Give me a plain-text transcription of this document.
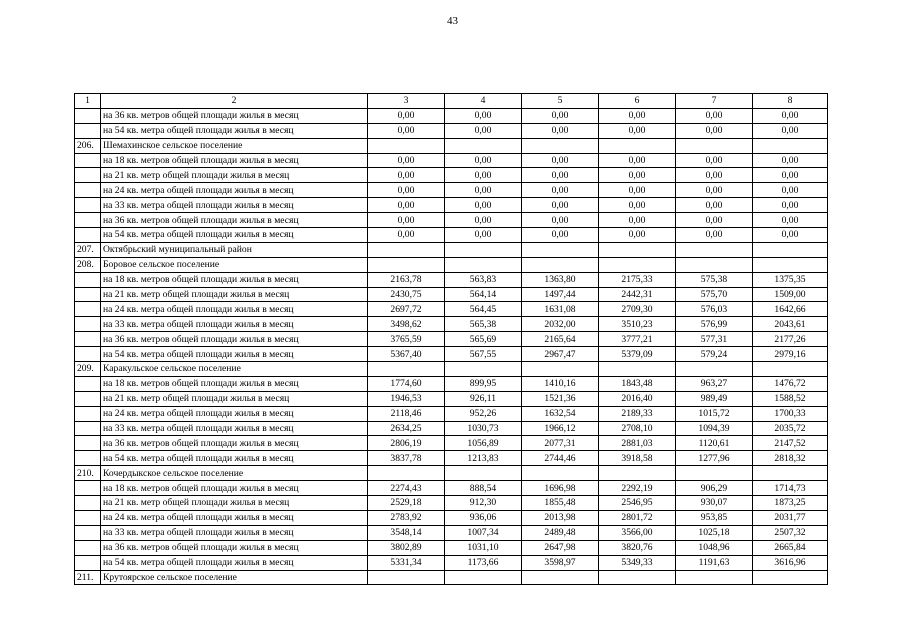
43
1	2	3	4	5	6	7	8
	на 36 кв. метров общей площади жилья в месяц	0,00	0,00	0,00	0,00	0,00	0,00
	на 54 кв. метра общей площади жилья в месяц	0,00	0,00	0,00	0,00	0,00	0,00
206.	Шемахинское сельское поселение						
	на 18 кв. метров общей площади жилья в месяц	0,00	0,00	0,00	0,00	0,00	0,00
	на 21 кв. метр общей площади жилья в месяц	0,00	0,00	0,00	0,00	0,00	0,00
	на 24 кв. метра общей площади жилья в месяц	0,00	0,00	0,00	0,00	0,00	0,00
	на 33 кв. метра общей площади жилья в месяц	0,00	0,00	0,00	0,00	0,00	0,00
	на 36 кв. метров общей площади жилья в месяц	0,00	0,00	0,00	0,00	0,00	0,00
	на 54 кв. метра общей площади жилья в месяц	0,00	0,00	0,00	0,00	0,00	0,00
207.	Октябрьский муниципальный район						
208.	Боровое сельское поселение						
	на 18 кв. метров общей площади жилья в месяц	2163,78	563,83	1363,80	2175,33	575,38	1375,35
	на 21 кв. метр общей площади жилья в месяц	2430,75	564,14	1497,44	2442,31	575,70	1509,00
	на 24 кв. метра общей площади жилья в месяц	2697,72	564,45	1631,08	2709,30	576,03	1642,66
	на 33 кв. метра общей площади жилья в месяц	3498,62	565,38	2032,00	3510,23	576,99	2043,61
	на 36 кв. метров общей площади жилья в месяц	3765,59	565,69	2165,64	3777,21	577,31	2177,26
	на 54 кв. метра общей площади жилья в месяц	5367,40	567,55	2967,47	5379,09	579,24	2979,16
209.	Каракульское сельское поселение						
	на 18 кв. метров общей площади жилья в месяц	1774,60	899,95	1410,16	1843,48	963,27	1476,72
	на 21 кв. метр общей площади жилья в месяц	1946,53	926,11	1521,36	2016,40	989,49	1588,52
	на 24 кв. метра общей площади жилья в месяц	2118,46	952,26	1632,54	2189,33	1015,72	1700,33
	на 33 кв. метра общей площади жилья в месяц	2634,25	1030,73	1966,12	2708,10	1094,39	2035,72
	на 36 кв. метров общей площади жилья в месяц	2806,19	1056,89	2077,31	2881,03	1120,61	2147,52
	на 54 кв. метра общей площади жилья в месяц	3837,78	1213,83	2744,46	3918,58	1277,96	2818,32
210.	Кочердыкское сельское поселение						
	на 18 кв. метров общей площади жилья в месяц	2274,43	888,54	1696,98	2292,19	906,29	1714,73
	на 21 кв. метр общей площади жилья в месяц	2529,18	912,30	1855,48	2546,95	930,07	1873,25
	на 24 кв. метра общей площади жилья в месяц	2783,92	936,06	2013,98	2801,72	953,85	2031,77
	на 33 кв. метра общей площади жилья в месяц	3548,14	1007,34	2489,48	3566,00	1025,18	2507,32
	на 36 кв. метров общей площади жилья в месяц	3802,89	1031,10	2647,98	3820,76	1048,96	2665,84
	на 54 кв. метра общей площади жилья в месяц	5331,34	1173,66	3598,97	5349,33	1191,63	3616,96
211.	Крутоярское сельское поселение						
